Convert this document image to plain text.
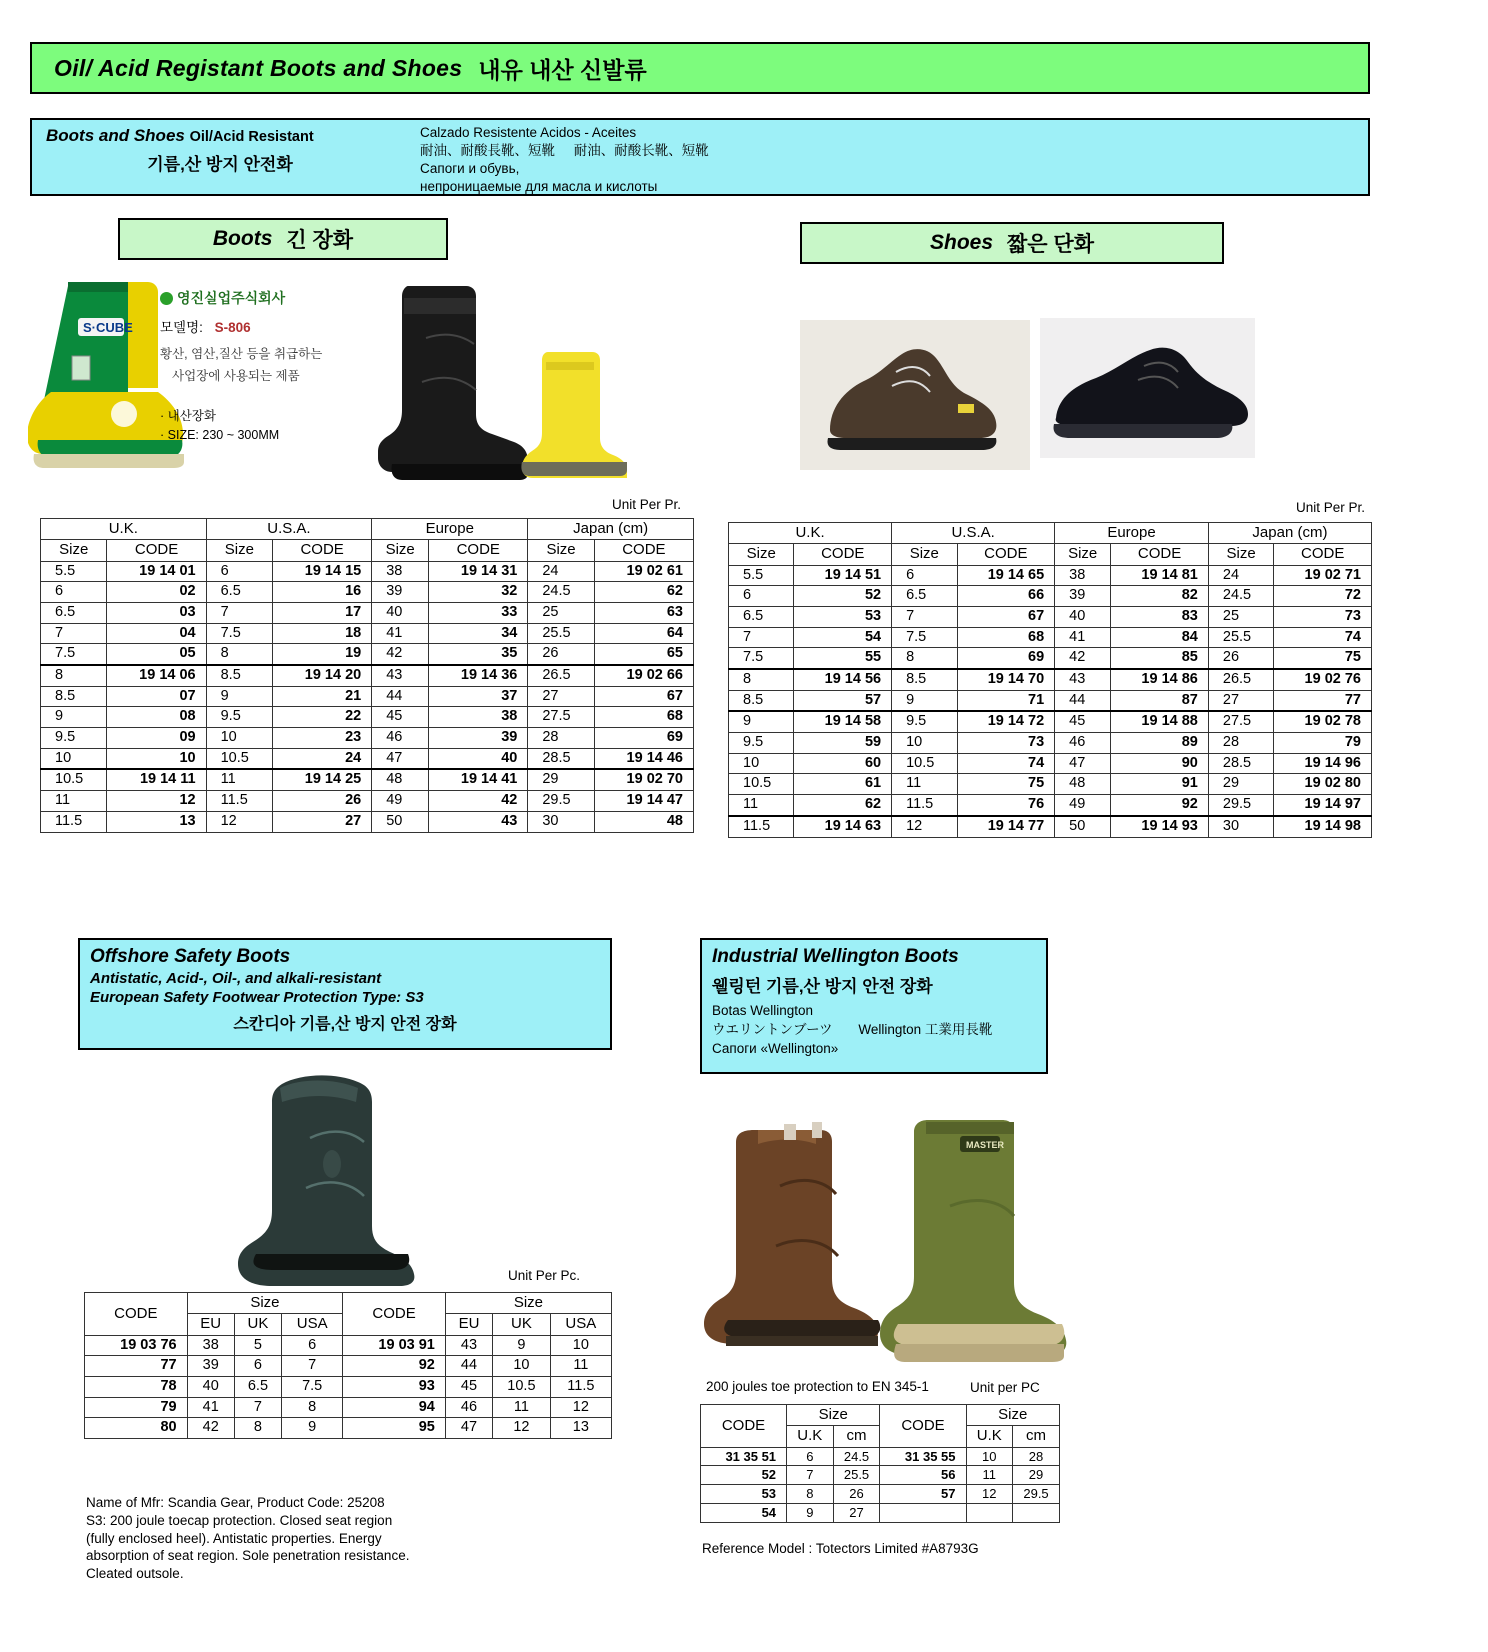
Oil/ Acid Registant Boots and Shoes 내유 내산 신발류
Boots and Shoes Oil/Acid Resistant
기름,산 방지 안전화
Calzado Resistente Acidos - Aceites
耐油、耐酸長靴、短靴     耐油、耐酸长靴、短靴
Сапоги и обувь,
непроницаемые для масла и кислоты
Boots 긴 장화	Shoes 짧은 단화
S·CUBE
영진실업주식회사
모델명: S-806
황산, 염산,질산 등을 취급하는
사업장에 사용되는 제품
· 내산장화
· SIZE: 230 ~ 300MM
Unit Per Pr.
U.K.		U.S.A.		Europe		Japan (cm)	
Size	CODE	Size	CODE	Size	CODE	Size	CODE
5.5	19 14 01	6	19 14 15	38	19 14 31	24	19 02 61
6	02	6.5	16	39	32	24.5	62
6.5	03	7	17	40	33	25	63
7	04	7.5	18	41	34	25.5	64
7.5	05	8	19	42	35	26	65
8	19 14 06	8.5	19 14 20	43	19 14 36	26.5	19 02 66
8.5	07	9	21	44	37	27	67
9	08	9.5	22	45	38	27.5	68
9.5	09	10	23	46	39	28	69
10	10	10.5	24	47	40	28.5	19 14 46
10.5	19 14 11	11	19 14 25	48	19 14 41	29	19 02 70
11	12	11.5	26	49	42	29.5	19 14 47
11.5	13	12	27	50	43	30	48
Unit Per Pr.
U.K.		U.S.A.		Europe		Japan (cm)	
Size	CODE	Size	CODE	Size	CODE	Size	CODE
5.5	19 14 51	6	19 14 65	38	19 14 81	24	19 02 71
6	52	6.5	66	39	82	24.5	72
6.5	53	7	67	40	83	25	73
7	54	7.5	68	41	84	25.5	74
7.5	55	8	69	42	85	26	75
8	19 14 56	8.5	19 14 70	43	19 14 86	26.5	19 02 76
8.5	57	9	71	44	87	27	77
9	19 14 58	9.5	19 14 72	45	19 14 88	27.5	19 02 78
9.5	59	10	73	46	89	28	79
10	60	10.5	74	47	90	28.5	19 14 96
10.5	61	11	75	48	91	29	19 02 80
11	62	11.5	76	49	92	29.5	19 14 97
11.5	19 14 63	12	19 14 77	50	19 14 93	30	19 14 98
Offshore Safety Boots
Antistatic, Acid-, Oil-, and alkali-resistant
European Safety Footwear Protection Type: S3
스칸디아 기름,산 방지 안전 장화
Unit Per Pc.
CODE	Size			CODE	Size		
	EU	UK	USA		EU	UK	USA
19 03 76	38	5	6	19 03 91	43	9	10
77	39	6	7	92	44	10	11
78	40	6.5	7.5	93	45	10.5	11.5
79	41	7	8	94	46	11	12
80	42	8	9	95	47	12	13
Name of Mfr: Scandia Gear, Product Code: 25208
S3: 200 joule toecap protection. Closed seat region
(fully enclosed heel). Antistatic properties. Energy
absorption of seat region. Sole penetration resistance.
Cleated outsole.
Industrial Wellington Boots
웰링턴 기름,산 방지 안전 장화
Botas Wellington
ウエリントンブーツ Wellington 工業用長靴
Сапоги «Wellington»
MASTER
200 joules toe protection to EN 345-1	Unit per PC
CODE	Size		CODE	Size	
	U.K	cm		U.K	cm
31 35 51	6	24.5	31 35 55	10	28
52	7	25.5	56	11	29
53	8	26	57	12	29.5
54	9	27			
Reference Model : Totectors Limited #A8793G
